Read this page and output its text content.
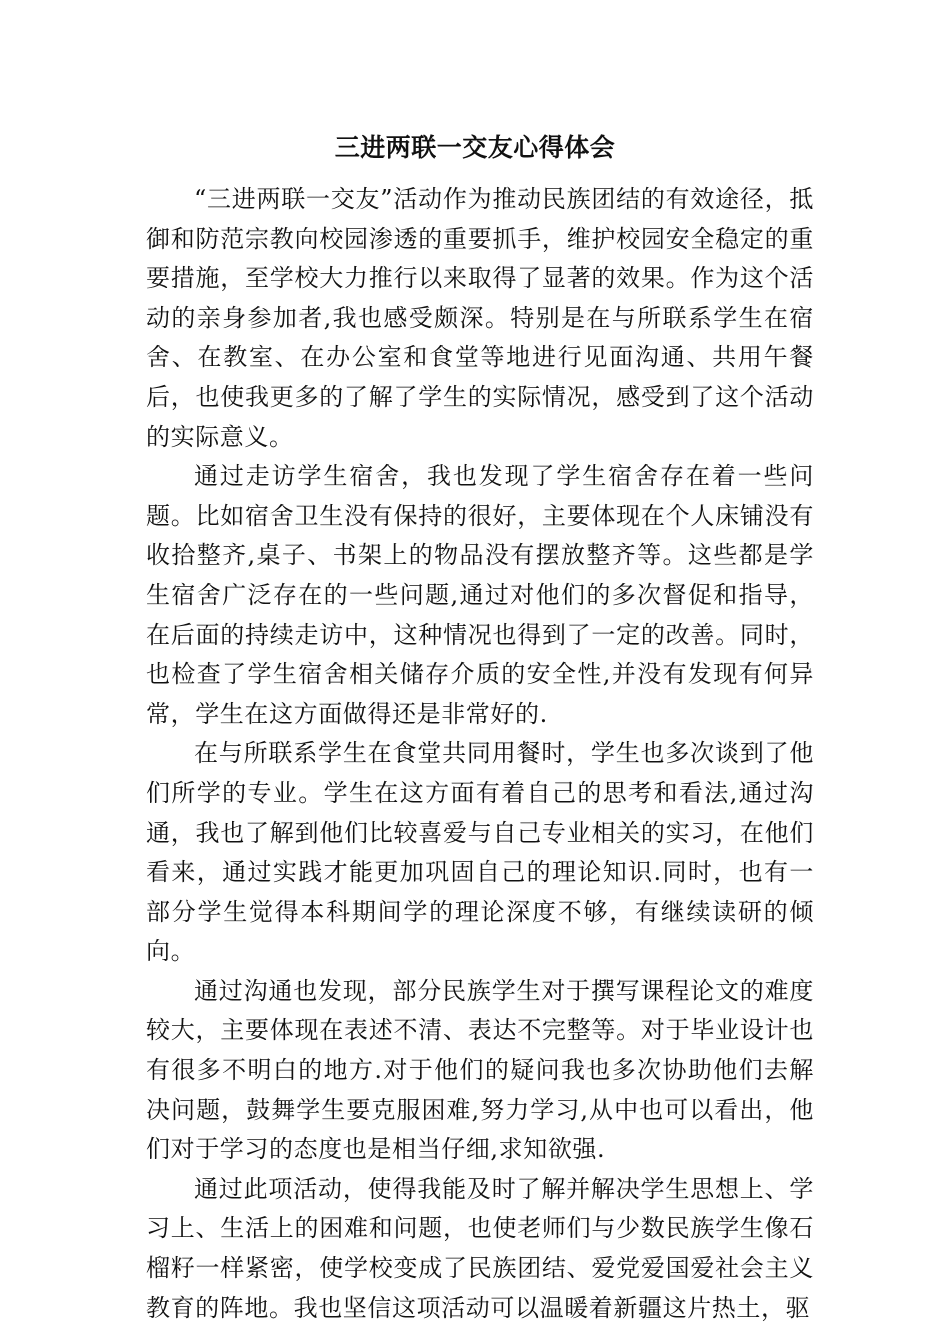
三进两联一交友心得体会

“三进两联一交友”活动作为推动民族团结的有效途径，抵御和防范宗教向校园渗透的重要抓手，维护校园安全稳定的重要措施，至学校大力推行以来取得了显著的效果。作为这个活动的亲身参加者,我也感受颇深。特别是在与所联系学生在宿舍、在教室、在办公室和食堂等地进行见面沟通、共用午餐后，也使我更多的了解了学生的实际情况，感受到了这个活动的实际意义。

通过走访学生宿舍，我也发现了学生宿舍存在着一些问题。比如宿舍卫生没有保持的很好，主要体现在个人床铺没有收拾整齐,桌子、书架上的物品没有摆放整齐等。这些都是学生宿舍广泛存在的一些问题,通过对他们的多次督促和指导，在后面的持续走访中，这种情况也得到了一定的改善。同时，也检查了学生宿舍相关储存介质的安全性,并没有发现有何异常，学生在这方面做得还是非常好的.

在与所联系学生在食堂共同用餐时，学生也多次谈到了他们所学的专业。学生在这方面有着自己的思考和看法,通过沟通，我也了解到他们比较喜爱与自己专业相关的实习，在他们看来，通过实践才能更加巩固自己的理论知识.同时，也有一部分学生觉得本科期间学的理论深度不够，有继续读研的倾向。

通过沟通也发现，部分民族学生对于撰写课程论文的难度较大，主要体现在表述不清、表达不完整等。对于毕业设计也有很多不明白的地方.对于他们的疑问我也多次协助他们去解决问题，鼓舞学生要克服困难,努力学习,从中也可以看出，他们对于学习的态度也是相当仔细,求知欲强.

通过此项活动，使得我能及时了解并解决学生思想上、学习上、生活上的困难和问题，也使老师们与少数民族学生像石榴籽一样紧密，使学校变成了民族团结、爱党爱国爱社会主义教育的阵地。我也坚信这项活动可以温暖着新疆这片热土，驱
